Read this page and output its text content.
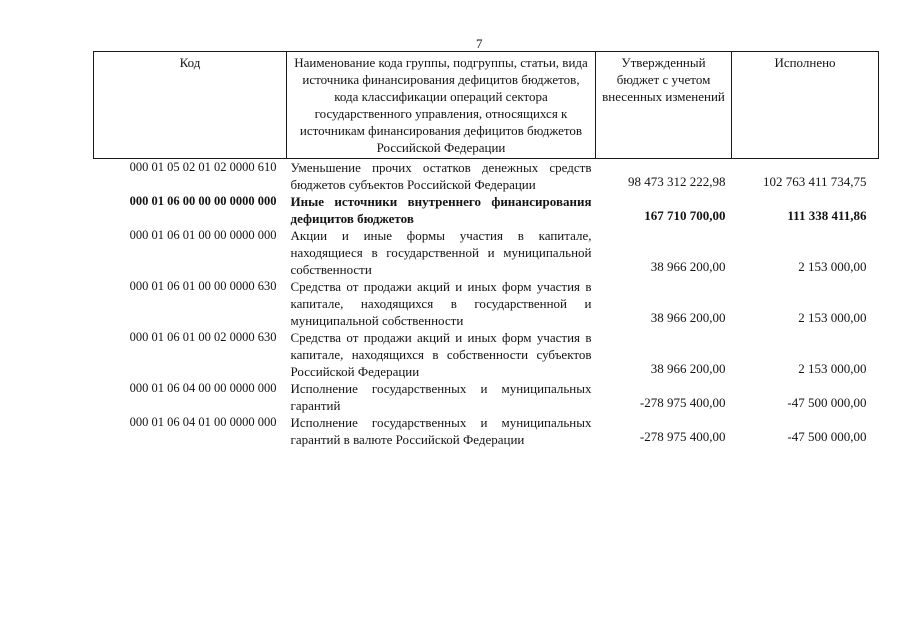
7
Код	Наименование кода группы, подгруппы, статьи, вида источника финансирования дефицитов бюджетов, кода классификации операций сектора государственного управления, относящихся к источникам финансирования дефицитов бюджетов Российской Федерации	Утвержденный бюджет с учетом внесенных изменений	Исполнено
000 01 05 02 01 02 0000 610	Уменьшение прочих остатков денежных средств бюджетов субъектов Российской Федерации	98 473 312 222,98	102 763 411 734,75
000 01 06 00 00 00 0000 000	Иные источники внутреннего финансирования дефицитов бюджетов	167 710 700,00	111 338 411,86
000 01 06 01 00 00 0000 000	Акции и иные формы участия в капитале, находящиеся в государственной и муниципальной собственности	38 966 200,00	2 153 000,00
000 01 06 01 00 00 0000 630	Средства от продажи акций и иных форм участия в капитале, находящихся в государственной и муниципальной собственности	38 966 200,00	2 153 000,00
000 01 06 01 00 02 0000 630	Средства от продажи акций и иных форм участия в капитале, находящихся в собственности субъектов Российской Федерации	38 966 200,00	2 153 000,00
000 01 06 04 00 00 0000 000	Исполнение государственных и муниципальных гарантий	-278 975 400,00	-47 500 000,00
000 01 06 04 01 00 0000 000	Исполнение государственных и муниципальных гарантий в валюте Российской Федерации	-278 975 400,00	-47 500 000,00
